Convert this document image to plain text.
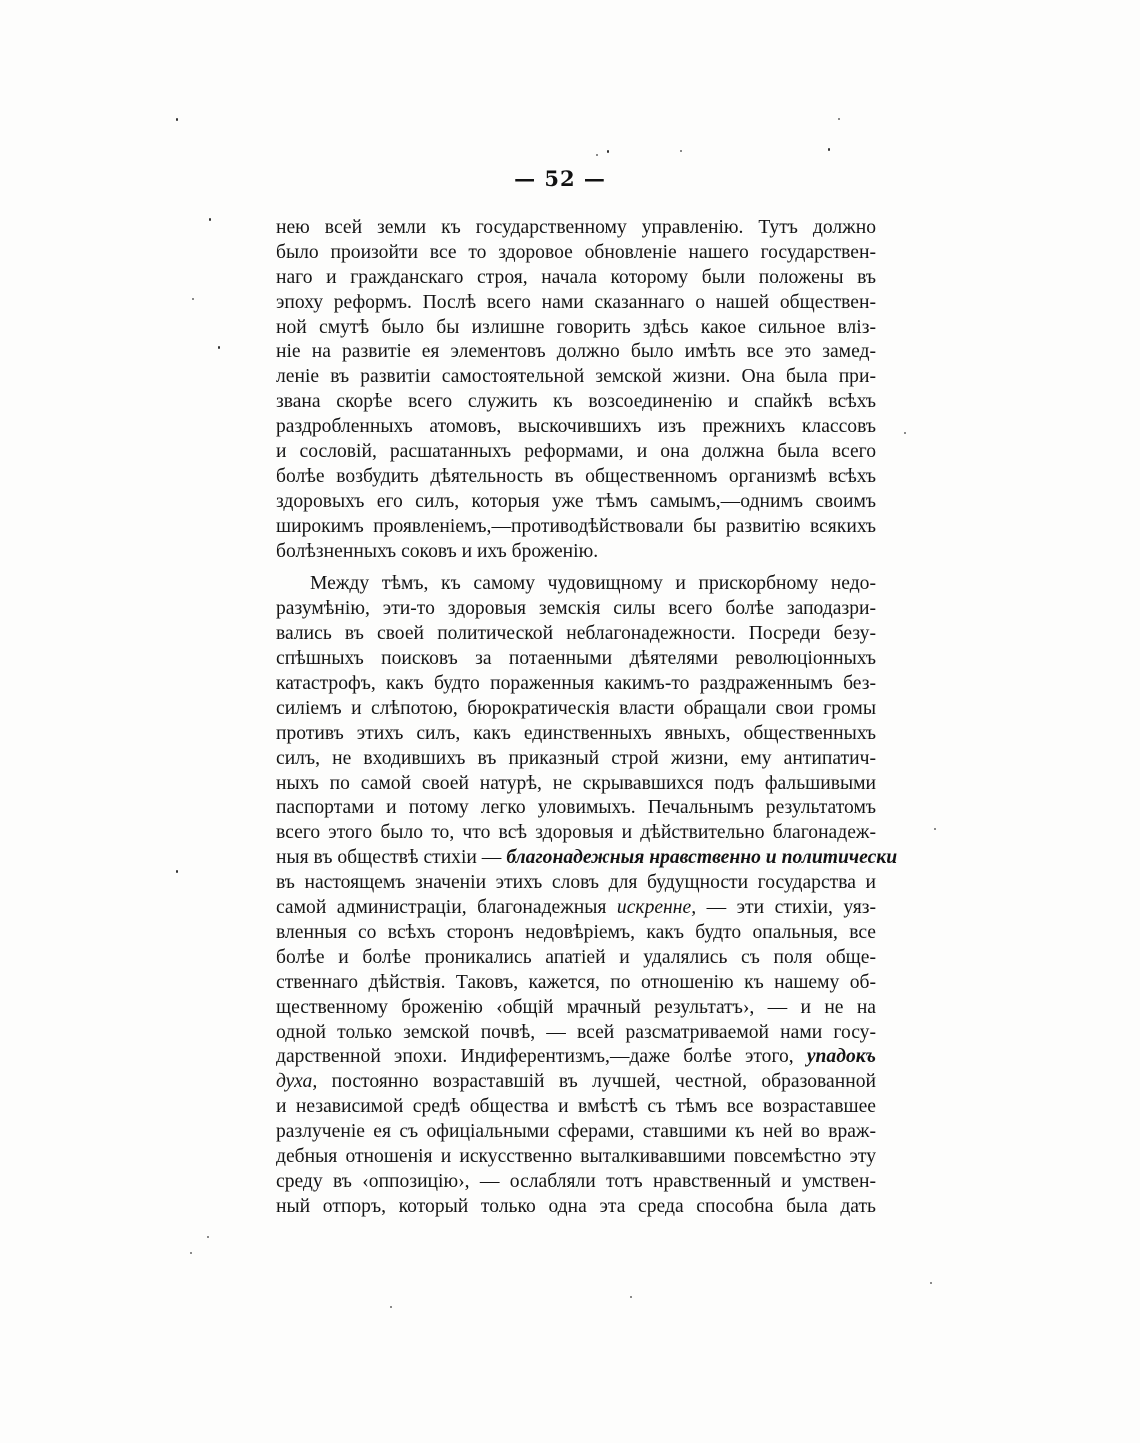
— 52 —
нею всей земли къ государственному управленію. Тутъ должно
было произойти все то здоровое обновленіе нашего государствен-
наго и гражданскаго строя, начала которому были положены въ
эпоху реформъ. Послѣ всего нами сказаннаго о нашей обществен-
ной смутѣ было бы излишне говорить здѣсь какое сильное вліз-
ніе на развитіе ея элементовъ должно было имѣть все это замед-
леніе въ развитіи самостоятельной земской жизни. Она была при-
звана скорѣе всего служить къ возсоединенію и спайкѣ всѣхъ
раздробленныхъ атомовъ, выскочившихъ изъ прежнихъ классовъ
и сословій, расшатанныхъ реформами, и она должна была всего
болѣе возбудить дѣятельность въ общественномъ организмѣ всѣхъ
здоровыхъ его силъ, которыя уже тѣмъ самымъ,—однимъ своимъ
широкимъ проявленіемъ,—противодѣйствовали бы развитію всякихъ
болѣзненныхъ соковъ и ихъ броженію.
Между тѣмъ, къ самому чудовищному и прискорбному недо-
разумѣнію, эти-то здоровыя земскія силы всего болѣе заподазри-
вались въ своей политической неблагонадежности. Посреди безу-
спѣшныхъ поисковъ за потаенными дѣятелями революціонныхъ
катастрофъ, какъ будто пораженныя какимъ-то раздраженнымъ без-
силіемъ и слѣпотою, бюрократическія власти обращали свои громы
противъ этихъ силъ, какъ единственныхъ явныхъ, общественныхъ
силъ, не входившихъ въ приказный строй жизни, ему антипатич-
ныхъ по самой своей натурѣ, не скрывавшихся подъ фальшивыми
паспортами и потому легко уловимыхъ. Печальнымъ результатомъ
всего этого было то, что всѣ здоровыя и дѣйствительно благонадеж-
ныя въ обществѣ стихіи — благонадежныя нравственно и политически
въ настоящемъ значеніи этихъ словъ для будущности государства и
самой администраціи, благонадежныя искренне, — эти стихіи, уяз-
вленныя со всѣхъ сторонъ недовѣріемъ, какъ будто опальныя, все
болѣе и болѣе проникались апатіей и удалялись съ поля обще-
ственнаго дѣйствія. Таковъ, кажется, по отношенію къ нашему об-
щественному броженію ‹общій мрачный результатъ›, — и не на
одной только земской почвѣ, — всей разсматриваемой нами госу-
дарственной эпохи. Индиферентизмъ,—даже болѣе этого, упадокъ
духа, постоянно возраставшій въ лучшей, честной, образованной
и независимой средѣ общества и вмѣстѣ съ тѣмъ все возраставшее
разлученіе ея съ офиціальными сферами, ставшими къ ней во враж-
дебныя отношенія и искусственно выталкивавшими повсемѣстно эту
среду въ ‹оппозицію›, — ослабляли тотъ нравственный и умствен-
ный отпоръ, который только одна эта среда способна была дать
